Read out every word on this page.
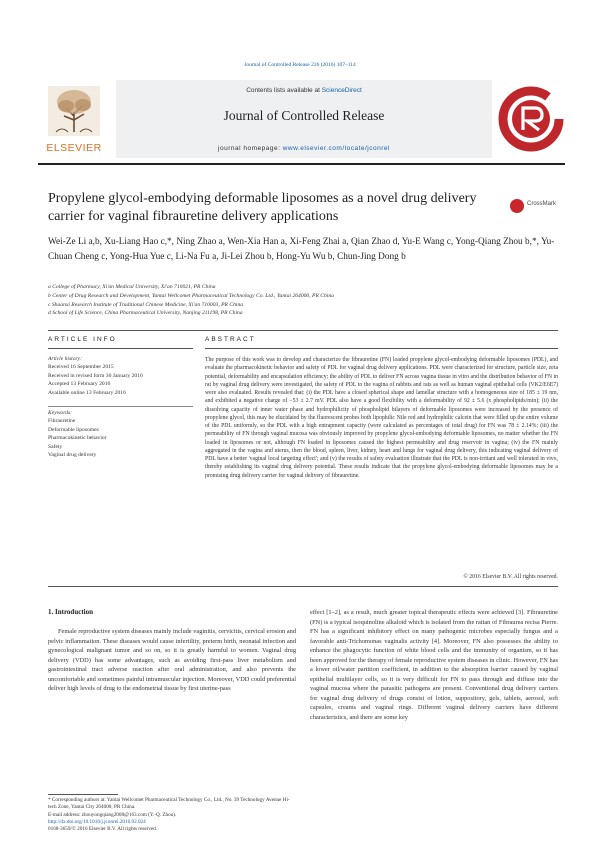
Journal of Controlled Release 226 (2016) 107–114
ELSEVIER
Contents lists available at ScienceDirect
Journal of Controlled Release
journal homepage: www.elsevier.com/locate/jconrel
Propylene glycol-embodying deformable liposomes as a novel drug delivery carrier for vaginal fibrauretine delivery applications
CrossMark
Wei-Ze Li a,b, Xu-Liang Hao c,*, Ning Zhao a, Wen-Xia Han a, Xi-Feng Zhai a, Qian Zhao d, Yu-E Wang c, Yong-Qiang Zhou b,*, Yu-Chuan Cheng c, Yong-Hua Yue c, Li-Na Fu a, Ji-Lei Zhou b, Hong-Yu Wu b, Chun-Jing Dong b
a College of Pharmacy, Xi'an Medical University, Xi'an 710021, PR China
b Center of Drug Research and Development, Yantai Wellcomet Pharmaceutical Technology Co. Ltd., Yantai 264000, PR China
c Shaanxi Research Institute of Traditional Chinese Medicine, Xi'an 710003, PR China
d School of Life Science, China Pharmaceutical University, Nanjing 211198, PR China
ARTICLE INFO	ABSTRACT
Article history:
Received 16 September 2015
Received in revised form 30 January 2016
Accepted 13 February 2016
Available online 13 February 2016
Keywords:
Fibrauretine
Deformable liposomes
Pharmacokinetic behavior
Safety
Vaginal drug delivery
The purpose of this work was to develop and characterize the fibrauretine (FN) loaded propylene glycol-embodying deformable liposomes (PDL), and evaluate the pharmacokinetic behavior and safety of PDL for vaginal drug delivery applications. PDL were characterized for structure, particle size, zeta potential, deformability and encapsulation efficiency; the ability of PDL to deliver FN across vagina tissue in vitro and the distribution behavior of FN in rat by vaginal drug delivery were investigated, the safety of PDL to the vagina of rabbits and rats as well as human vaginal epithelial cells (VK2/E6E7) were also evaluated. Results revealed that: (i) the PDL have a closed spherical shape and lamellar structure with a homogeneous size of 185 ± 19 nm, and exhibited a negative charge of −53 ± 2.7 mV. PDL also have a good flexibility with a deformability of 92 ± 5.6 (x phospholipids/min); (ii) the dissolving capacity of inner water phase and hydrophilicity of phospholipid bilayers of deformable liposomes were increased by the presence of propylene glycol, this may be elucidated by the fluorescent probes both lipophilic Nile red and hydrophilic calcein that were filled up the entire volume of the PDL uniformly, so the PDL with a high entrapment capacity (were calculated as percentages of total drug) for FN was 78 ± 2.14%; (iii) the permeability of FN through vaginal mucosa was obviously improved by propylene glycol-embodying deformable liposomes, no matter whether the FN loaded in liposomes or not, although FN loaded in liposomes caused the highest permeability and drug reservoir in vagina; (iv) the FN mainly aggregated in the vagina and uterus, then the blood, spleen, liver, kidney, heart and lungs for vaginal drug delivery, this indicating vaginal delivery of PDL have a better 'vaginal local targeting effect'; and (v) the results of safety evaluation illustrate that the PDL is non-irritant and well tolerated in vivo, thereby establishing its vaginal drug delivery potential. These results indicate that the propylene glycol-embodying deformable liposomes may be a promising drug delivery carrier for vaginal delivery of fibrauretine.
© 2016 Elsevier B.V. All rights reserved.
1. Introduction
Female reproductive system diseases mainly include vaginitis, cervicitis, cervical erosion and pelvic inflammation. These diseases would cause infertility, preterm birth, neonatal infection and gynecological malignant tumor and so on, so it is greatly harmful to women. Vaginal drug delivery (VDD) has some advantages, such as avoiding first-pass liver metabolism and gastrointestinal tract adverse reaction after oral administration, and also prevents the uncomfortable and sometimes painful intramuscular injection. Moreover, VDD could preferential deliver high levels of drug to the endometrial tissue by first uterine-pass
effect [1–2], as a result, much greater topical therapeutic effects were achieved [3]. Fibrauretine (FN) is a typical isoquinoline alkaloid which is isolated from the rattan of Fibraurea recisa Pierre. FN has a significant inhibitory effect on many pathogenic microbes especially fungus and a favorable anti-Trichomonas vaginalis activity [4]. Moreover, FN also possesses the ability to enhance the phagocytic function of white blood cells and the immunity of organism, so it has been approved for the therapy of female reproductive system diseases in clinic. However, FN has a lower oil/water partition coefficient, in addition to the absorption barrier caused by vaginal epithelial multilayer cells, so it is very difficult for FN to pass through and diffuse into the vaginal mucosa where the parasitic pathogens are present. Conventional drug delivery carriers for vaginal drug delivery of drugs consist of lotion, suppository, gels, tablets, aerosol, soft capsules, creams and vaginal rings. Different vaginal delivery carriers have different characteristics, and there are some key
* Corresponding authors at: Yantai Wellcomet Pharmaceutical Technology Co., Ltd., No. 39 Technology Avenue Hi-tech Zone, Yantai City 264000, PR China.
E-mail address: zhouyongqiang2008@163.com (Y.-Q. Zhou).
http://dx.doi.org/10.1016/j.jconrel.2016.02.024
0168-3659/© 2016 Elsevier B.V. All rights reserved.
